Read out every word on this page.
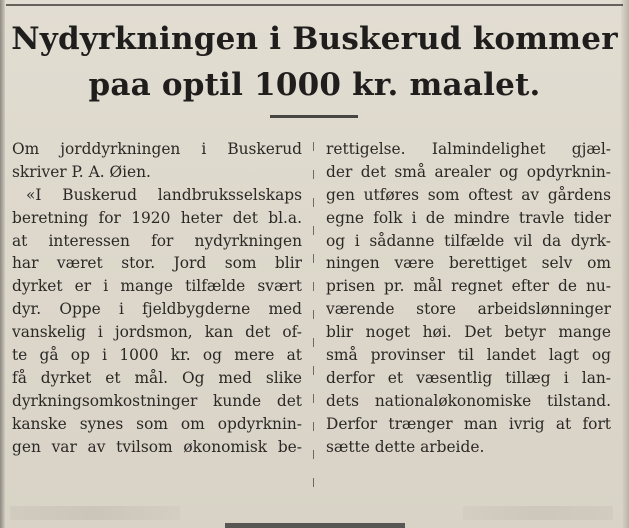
Nydyrkningen i Buskerud kommer
paa optil 1000 kr. maalet.
Om jorddyrkningen i Buskerud
skriver P. A. Øien.
«I Buskerud landbruksselskaps
beretning for 1920 heter det bl.a.
at interessen for nydyrkningen
har været stor. Jord som blir
dyrket er i mange tilfælde svært
dyr. Oppe i fjeldbygderne med
vanskelig i jordsmon, kan det of-
te gå op i 1000 kr. og mere at
få dyrket et mål. Og med slike
dyrkningsomkostninger kunde det
kanske synes som om opdyrknin-
gen var av tvilsom økonomisk be-
rettigelse. Ialmindelighet gjæl-
der det små arealer og opdyrknin-
gen utføres som oftest av gårdens
egne folk i de mindre travle tider
og i sådanne tilfælde vil da dyrk-
ningen være berettiget selv om
prisen pr. mål regnet efter de nu-
værende store arbeidslønninger
blir noget høi. Det betyr mange
små provinser til landet lagt og
derfor et væsentlig tillæg i lan-
dets nationaløkonomiske tilstand.
Derfor trænger man ivrig at fort
sætte dette arbeide.
